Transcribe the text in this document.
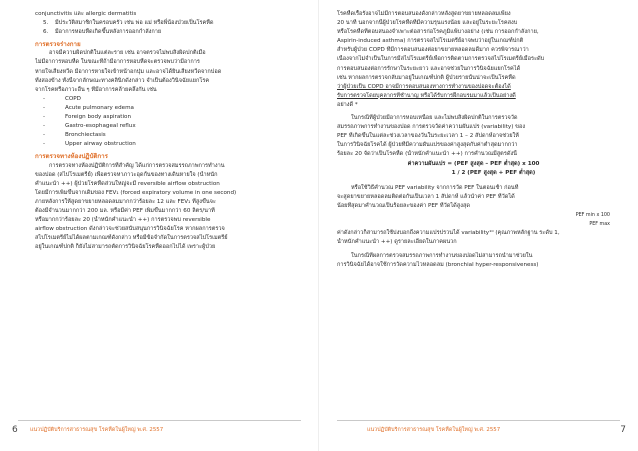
conjunctivitis และ allergic dermatitis
5. มีประวัติสมาชิกในครอบครัว เช่น พ่อ แม่ หรือพี่น้องป่วยเป็นโรคหืด
6. มีอาการหอบหืดเกิดขึ้นหลังการออกกำลังกาย
การตรวจร่างกาย
อาจมีความผิดปกติในแต่ละราย เช่น อาจตรวจไม่พบสิ่งผิดปกติเมื่อ
ไม่มีอาการหอบหืด ในขณะที่ถ้ามีอาการหอบหืดจะตรวจพบว่ามีอาการ
หายใจเสียงหวีด มีอาการหายใจเข้าหน้าอกบุ๋ม และอาจได้ยินเสียงหวีดจากปอด
ทั้งสองข้าง ทั้งนี้จากลักษณะทางคลินิกดังกล่าว จำเป็นต้องวินิจฉัยแยกโรค
จากโรคหรือภาวะอื่น ๆ ที่มีอาการคล้ายคลึงกัน เช่น
-	COPD
-	Acute pulmonary edema
-	Foreign body aspiration
-	Gastro-esophageal reflux
-	Bronchiectasis
-	Upper airway obstruction
การตรวจทางห้องปฏิบัติการ
การตรวจทางห้องปฏิบัติการที่สำคัญ ได้แก่การตรวจสมรรถภาพการทำงาน
ของปอด (สไปโรเมตรีย์) เพื่อตรวจหาภาวะอุดกั้นของทางเดินหายใจ (น้ำหนัก
คำแนะนำ ++) ผู้ป่วยโรคหืดส่วนใหญ่จะมี reversible airflow obstruction
โดยมีการเพิ่มขึ้นจากเดิมของ FEV₁ (forced expiratory volume in one second)
ภายหลังการให้สูดยาขยายหลอดลมมากกว่าร้อยละ 12 และ FEV₁ ที่สูงขึ้นจะ
ต้องมีจำนวนมากกว่า 200 มล. หรือมีค่า PEF เพิ่มขึ้นมากกว่า 60 ลิตร/นาที
หรือมากกว่าร้อยละ 20 (น้ำหนักคำแนะนำ ++) การตรวจพบ reversible
airflow obstruction ดังกล่าวจะช่วยสนับสนุนการวินิจฉัยโรค หากผลการตรวจ
สไปโรเมตรีย์ไม่ได้ผลตามเกณฑ์ดังกล่าว หรือมีข้อจำกัดในการตรวจสไปโรเมตรีย์
อยู่ในเกณฑ์ปกติ ก็ยังไม่สามารถตัดการวินิจฉัยโรคหืดออกไปได้ เพราะผู้ป่วย
6 แนวปฏิบัติบริการสาธารณสุข โรคหืดในผู้ใหญ่ พ.ศ. 2557
โรคหืดเรื้อรังอาจไม่มีการตอบสนองดังกล่าวหลังสูดยาขยายหลอดลมเพียง
20 นาที นอกจากนี้ผู้ป่วยโรคหืดที่มีความรุนแรงน้อย และอยู่ในระยะโรคสงบ
หรือโรคหืดที่ตอบสนองจำเพาะต่อสารก่อโรคภูมิแพ้บางอย่าง (เช่น การออกกำลังกาย,
Aspirin-induced asthma) การตรวจสไปโรเมตรีย์อาจพบว่าอยู่ในเกณฑ์ปกติ
สำหรับผู้ป่วย COPD ที่มีการตอบสนองต่อยาขยายหลอดลมดีมาก ควรพิจารณาว่า
เนื่องจากไม่จำเป็นในการมีสไปโรเมตรีย์เพื่อการติดตามการตรวจสไปโรเมตรีย์เมื่อระดับ
การตอบสนองต่อการรักษาในระยะยาว และอาจช่วยในการวินิจฉัยแยกโรคได้
เช่น หากผลการตรวจกลับมาอยู่ในเกณฑ์ปกติ ผู้ป่วยรายนั้นน่าจะเป็นโรคหืด
ว่าผู้ป่วยเป็น COPD อาจมีการตอบสนองทางการทำงานของปอดจะต้องได้
รับการตรวจโดยบุคลากรที่ชำนาญ หรือได้รับการฝึกอบรมมาแล้วเป็นอย่างดี
อย่างดี *
ในกรณีที่ผู้ป่วยมีอาการหอบเหนื่อย และไม่พบสิ่งผิดปกติในการตรวจวัด
สมรรถภาพการทำงานของปอด การตรวจวัดค่าความผันแปร (variability) ของ
PEF ที่เกิดขึ้นในแต่ละช่วงเวลาของวันในระยะเวลา 1 – 2 สัปดาห์อาจช่วยให้
ในการวินิจฉัยโรคได้ ผู้ป่วยที่มีความผันแปรของค่าสูงสุดกับค่าต่ำสุดมากกว่า
ร้อยละ 20 จัดว่าเป็นโรคหืด (น้ำหนักคำแนะนำ ++) การคำนวณมีสูตรดังนี้
ค่าความผันแปร = (PEF สูงสุด – PEF ต่ำสุด) x 100
1 / 2 (PEF สูงสุด + PEF ต่ำสุด)
หรือใช้วิธีคำนวณ PEF variability จากการวัด PEF ในตอนเช้า ก่อนที่
จะสูดยาขยายหลอดลมติดต่อกันเป็นเวลา 1 สัปดาห์ แล้วนำค่า PEF ที่วัดได้
น้อยที่สุดมาคำนวณเป็นร้อยละของค่า PEF ที่วัดได้สูงสุด
PEF min x 100 PEF max
ค่าดังกล่าวก็สามารถใช้บ่งบอกถึงความแปรปรวนได้ variability¹⁰ (คุณภาพหลักฐาน ระดับ 1,
น้ำหนักคำแนะนำ ++) ดูรายละเอียดในภาคผนวก
ในกรณีที่ผลการตรวจสมรรถภาพการทำงานของปอดไม่สามารถนำมาช่วยใน
การวินิจฉัยได้อาจใช้การวัดความไวหลอดลม (bronchial hyper-responsiveness)
แนวปฏิบัติบริการสาธารณสุข โรคหืดในผู้ใหญ่ พ.ศ. 2557	7
